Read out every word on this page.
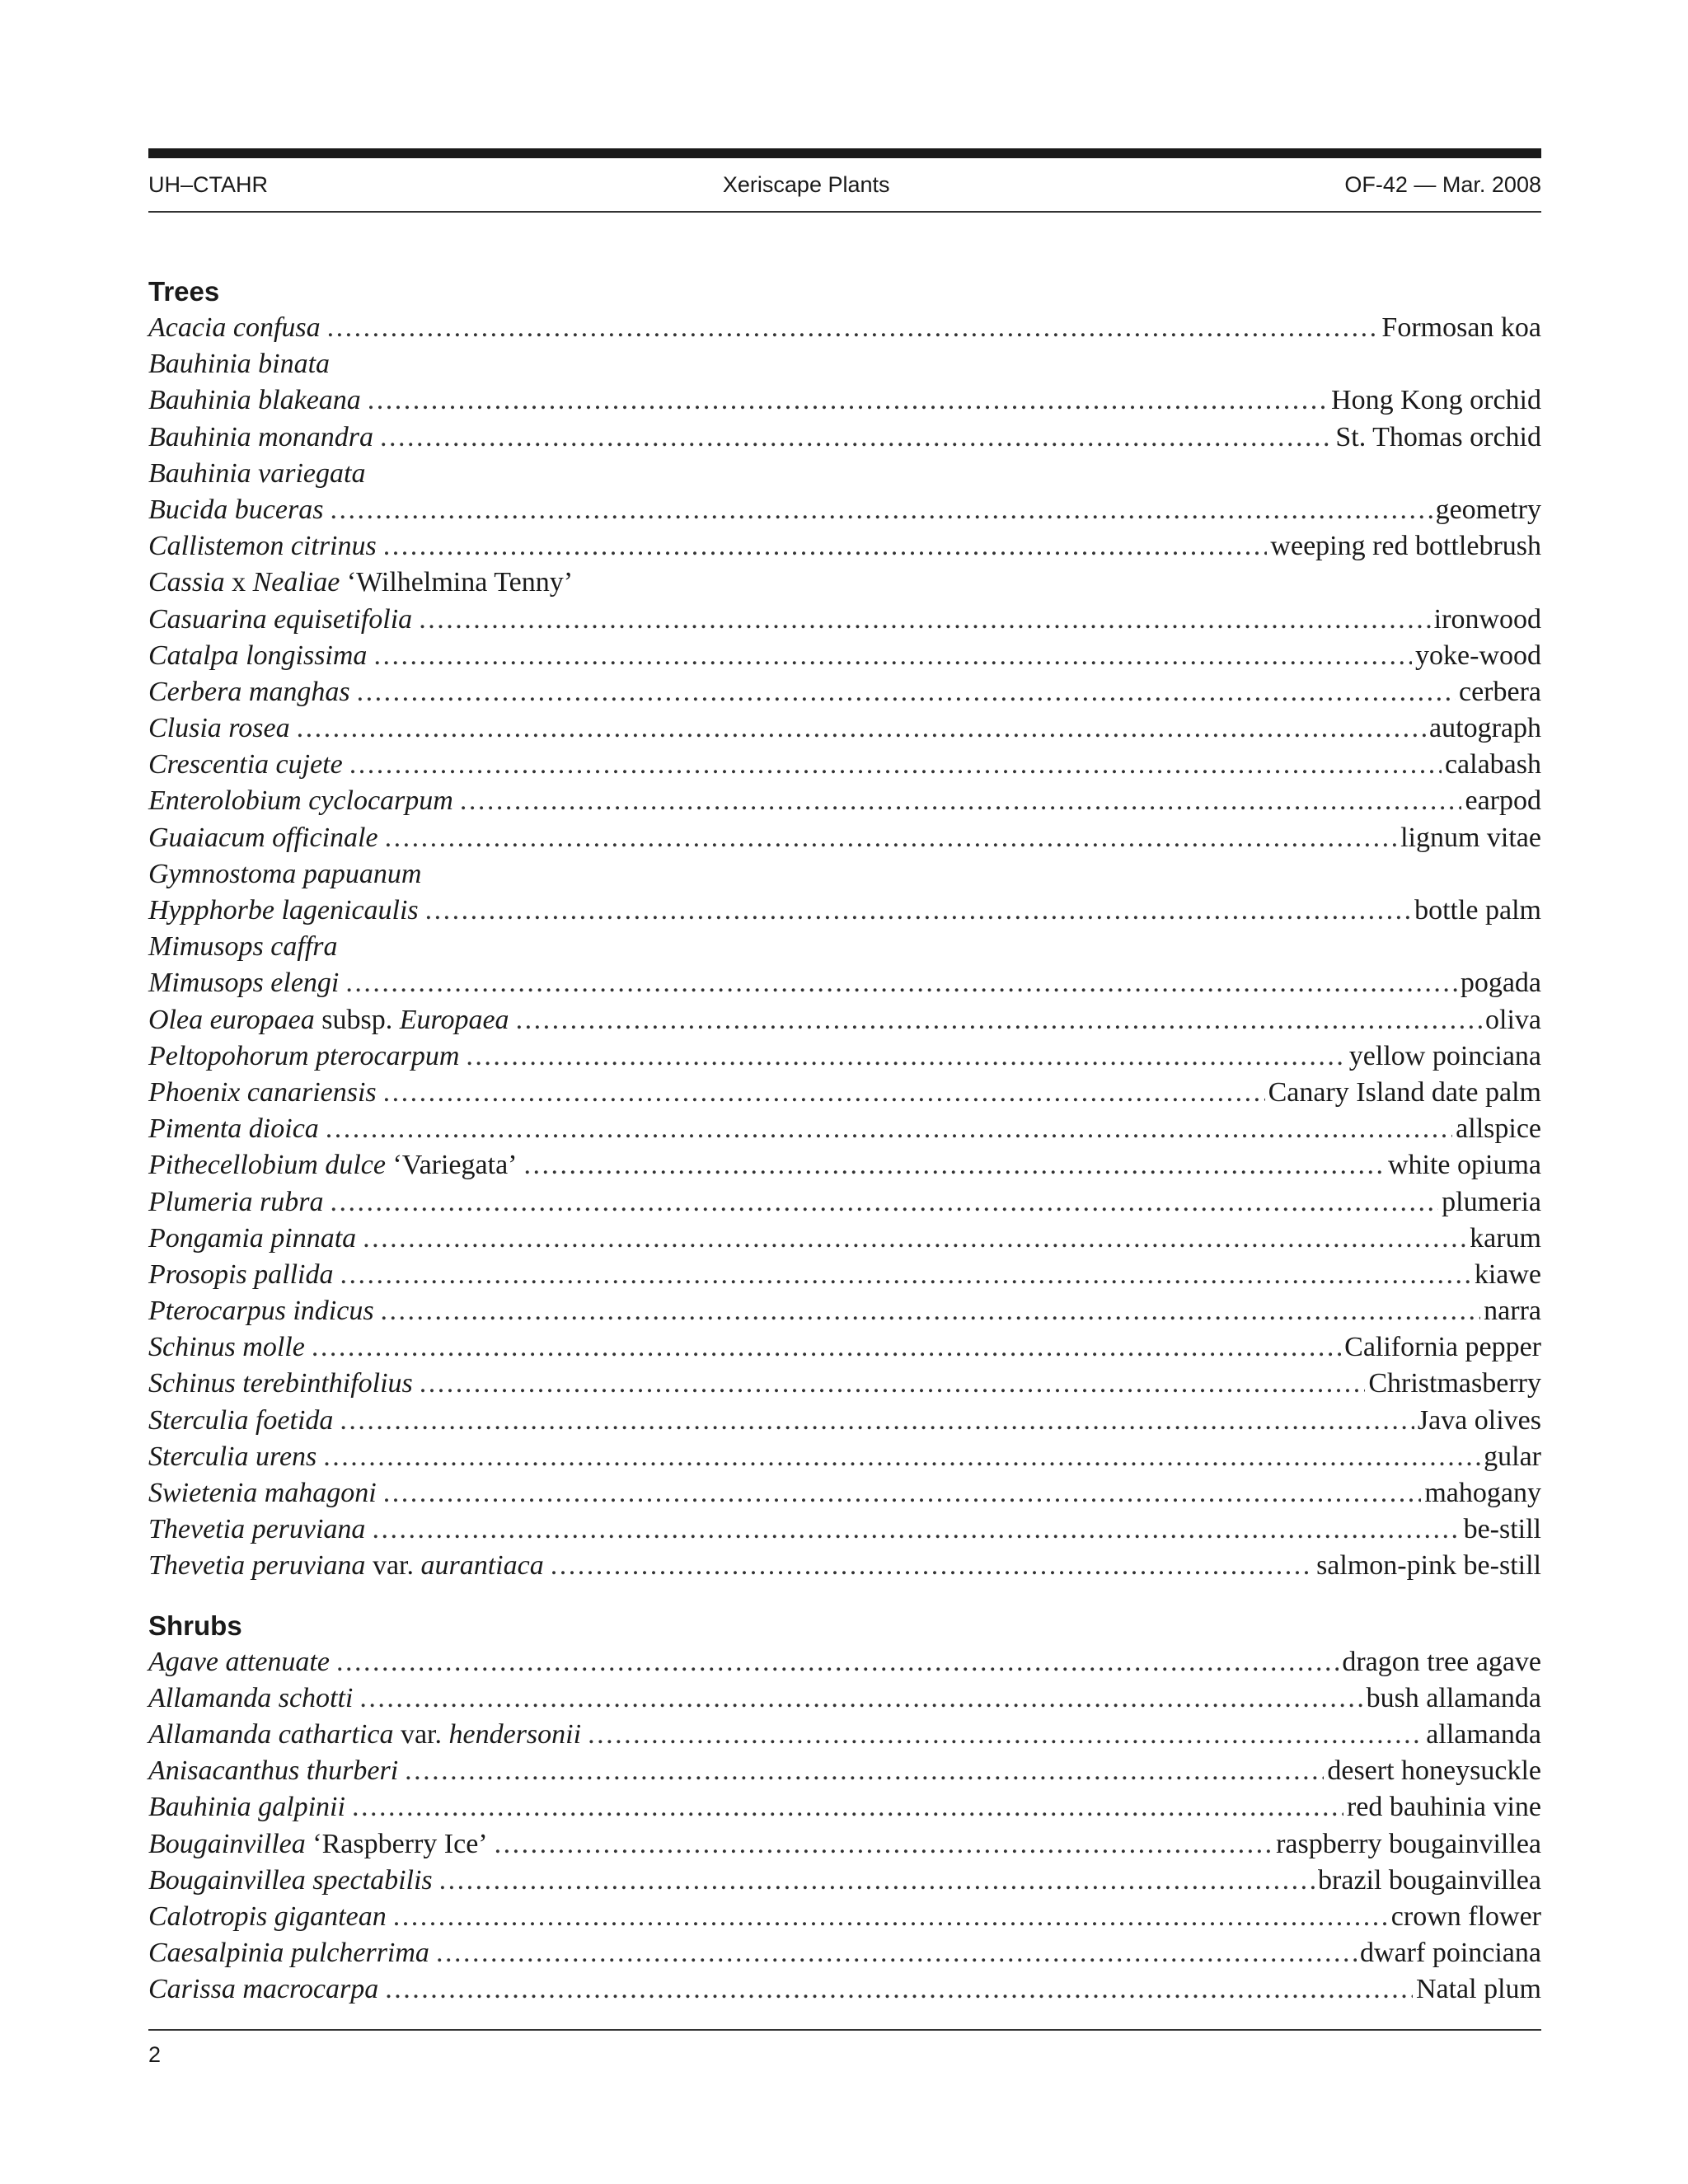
UH–CTAHR	Xeriscape Plants	OF-42 — Mar. 2008
Trees
Acacia confusa . . .	Formosan koa
Bauhinia binata
Bauhinia blakeana . . .	Hong Kong orchid
Bauhinia monandra . . .	St. Thomas orchid
Bauhinia variegata
Bucida buceras . . .	geometry
Callistemon citrinus . . .	weeping red bottlebrush
Cassia x Nealiae ‘Wilhelmina Tenny’
Casuarina equisetifolia . . .	ironwood
Catalpa longissima . . .	yoke-wood
Cerbera manghas . . .	cerbera
Clusia rosea . . .	autograph
Crescentia cujete . . .	calabash
Enterolobium cyclocarpum . . .	earpod
Guaiacum officinale . . .	lignum vitae
Gymnostoma papuanum
Hypphorbe lagenicaulis . . .	bottle palm
Mimusops caffra
Mimusops elengi . . .	pogada
Olea europaea subsp. Europaea . . .	oliva
Peltopohorum pterocarpum . . .	yellow poinciana
Phoenix canariensis . . .	Canary Island date palm
Pimenta dioica . . .	allspice
Pithecellobium dulce ‘Variegata’ . . .	white opiuma
Plumeria rubra . . .	plumeria
Pongamia pinnata . . .	karum
Prosopis pallida . . .	kiawe
Pterocarpus indicus . . .	narra
Schinus molle . . .	California pepper
Schinus terebinthifolius . . .	Christmasberry
Sterculia foetida . . .	Java olives
Sterculia urens . . .	gular
Swietenia mahagoni . . .	mahogany
Thevetia peruviana . . .	be-still
Thevetia peruviana var. aurantiaca . . .	salmon-pink be-still
Shrubs
Agave attenuate . . .	dragon tree agave
Allamanda schotti . . .	bush allamanda
Allamanda cathartica var. hendersonii . . .	allamanda
Anisacanthus thurberi . . .	desert honeysuckle
Bauhinia galpinii . . .	red bauhinia vine
Bougainvillea ‘Raspberry Ice’ . . .	raspberry bougainvillea
Bougainvillea spectabilis . . .	brazil bougainvillea
Calotropis gigantean . . .	crown flower
Caesalpinia pulcherrima . . .	dwarf poinciana
Carissa macrocarpa . . .	Natal plum
2
